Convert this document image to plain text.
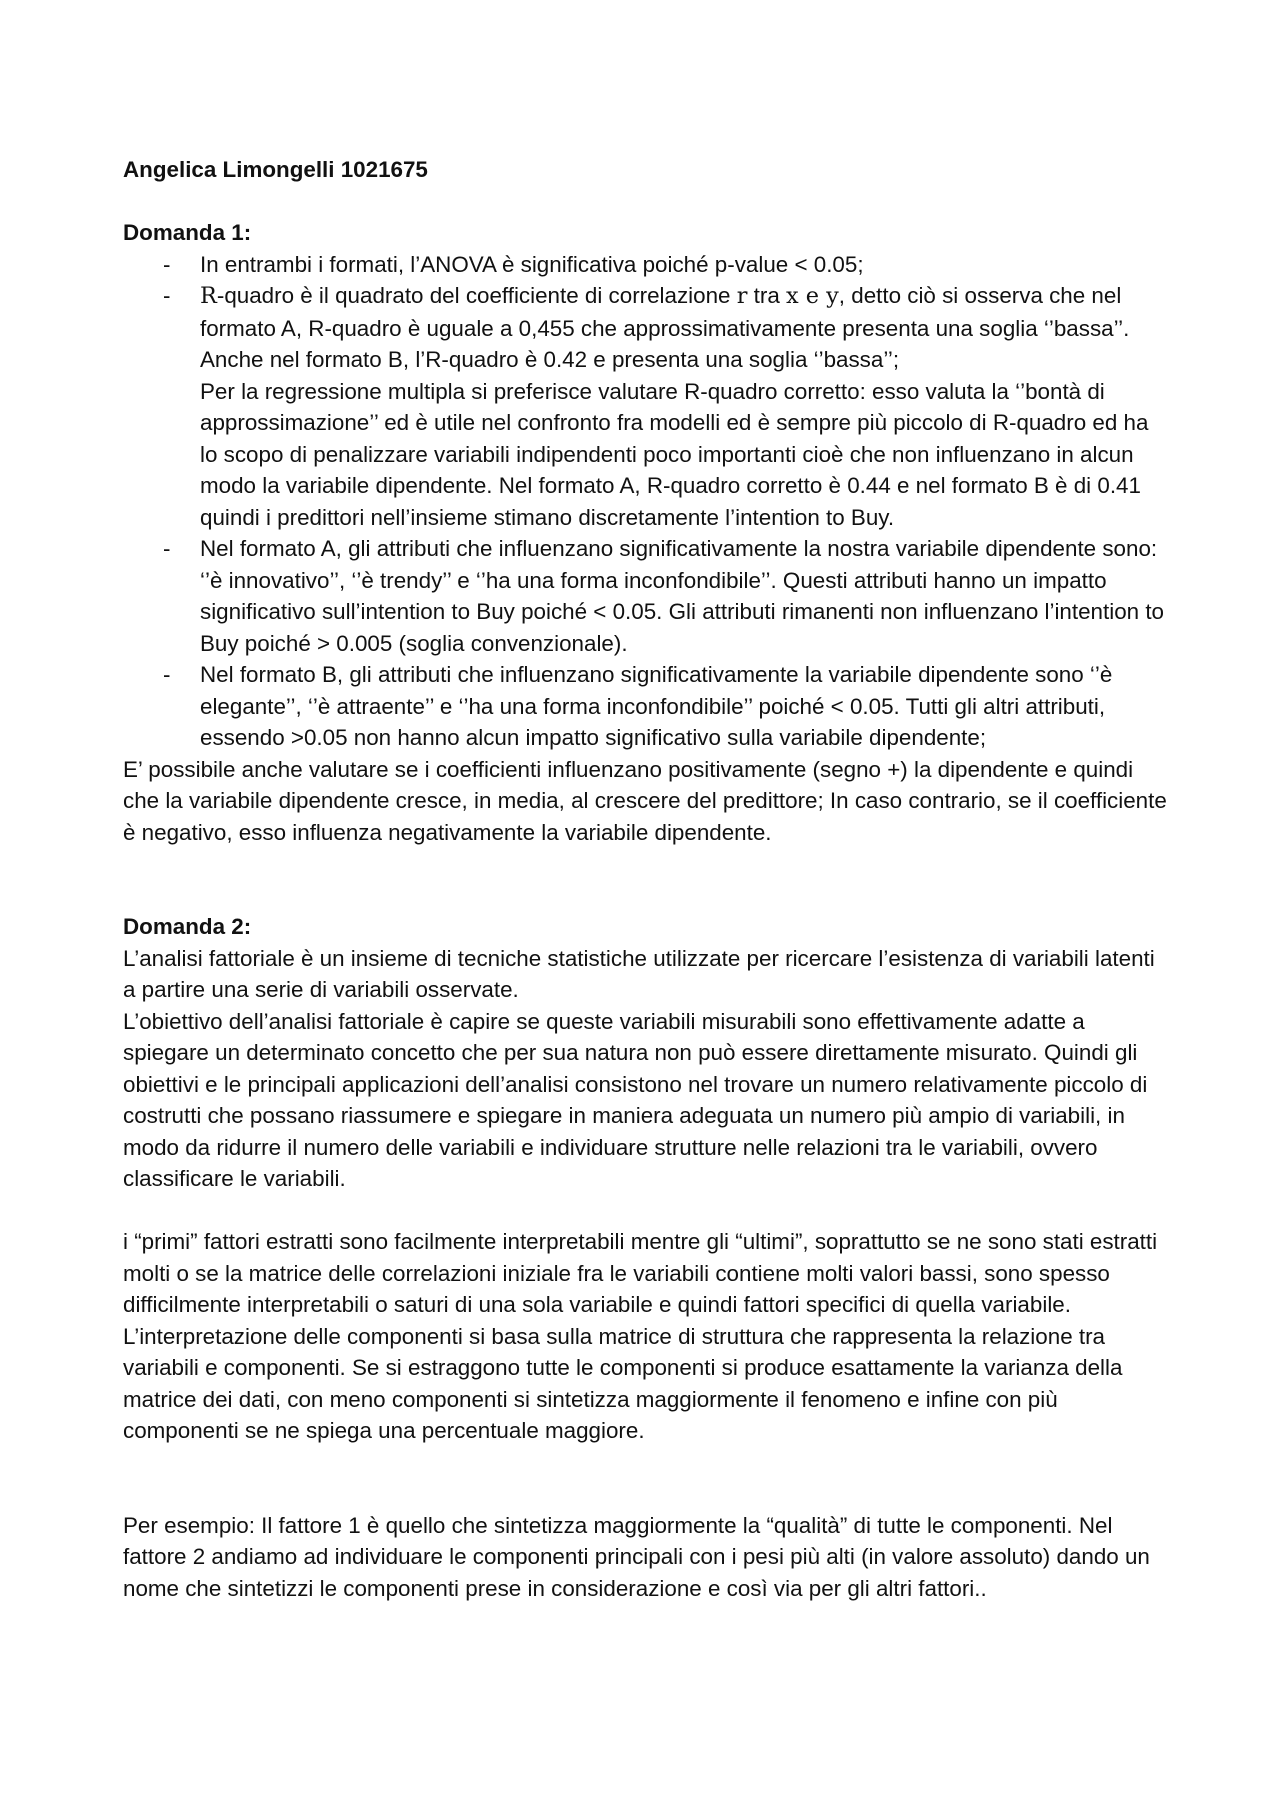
Angelica Limongelli 1021675

Domanda 1:

- In entrambi i formati, l’ANOVA è significativa poiché p-value < 0.05;
- R-quadro è il quadrato del coefficiente di correlazione r tra x e y, detto ciò si osserva che nel formato A, R-quadro è uguale a 0,455 che approssimativamente presenta una soglia ‘’bassa’’. Anche nel formato B, l’R-quadro è 0.42 e presenta una soglia ‘’bassa’’;
Per la regressione multipla si preferisce valutare R-quadro corretto: esso valuta la ‘’bontà di approssimazione’’ ed è utile nel confronto fra modelli ed è sempre più piccolo di R-quadro ed ha lo scopo di penalizzare variabili indipendenti poco importanti cioè che non influenzano in alcun modo la variabile dipendente. Nel formato A, R-quadro corretto è 0.44 e nel formato B è di 0.41 quindi i predittori nell’insieme stimano discretamente l’intention to Buy.
- Nel formato A, gli attributi che influenzano significativamente la nostra variabile dipendente sono: ‘’è innovativo’’, ‘’è trendy’’ e ‘’ha una forma inconfondibile’’. Questi attributi hanno un impatto significativo sull’intention to Buy poiché < 0.05. Gli attributi rimanenti non influenzano l’intention to Buy poiché > 0.005 (soglia convenzionale).
- Nel formato B, gli attributi che influenzano significativamente la variabile dipendente sono ‘’è elegante’’, ‘’è attraente’’ e ‘’ha una forma inconfondibile’’ poiché < 0.05. Tutti gli altri attributi, essendo >0.05 non hanno alcun impatto significativo sulla variabile dipendente;

E’ possibile anche valutare se i coefficienti influenzano positivamente (segno +) la dipendente e quindi che la variabile dipendente cresce, in media, al crescere del predittore; In caso contrario, se il coefficiente è negativo, esso influenza negativamente la variabile dipendente.

Domanda 2:

L’analisi fattoriale è un insieme di tecniche statistiche utilizzate per ricercare l’esistenza di variabili latenti a partire una serie di variabili osservate.

L’obiettivo dell’analisi fattoriale è capire se queste variabili misurabili sono effettivamente adatte a spiegare un determinato concetto che per sua natura non può essere direttamente misurato. Quindi gli obiettivi e le principali applicazioni dell’analisi consistono nel trovare un numero relativamente piccolo di costrutti che possano riassumere e spiegare in maniera adeguata un numero più ampio di variabili, in modo da ridurre il numero delle variabili e individuare strutture nelle relazioni tra le variabili, ovvero classificare le variabili.

i “primi” fattori estratti sono facilmente interpretabili mentre gli “ultimi”, soprattutto se ne sono stati estratti molti o se la matrice delle correlazioni iniziale fra le variabili contiene molti valori bassi, sono spesso difficilmente interpretabili o saturi di una sola variabile e quindi fattori specifici di quella variabile.

L’interpretazione delle componenti si basa sulla matrice di struttura che rappresenta la relazione tra variabili e componenti. Se si estraggono tutte le componenti si produce esattamente la varianza della matrice dei dati, con meno componenti si sintetizza maggiormente il fenomeno e infine con più componenti se ne spiega una percentuale maggiore.

Per esempio: Il fattore 1 è quello che sintetizza maggiormente la “qualità” di tutte le componenti. Nel fattore 2 andiamo ad individuare le componenti principali con i pesi più alti (in valore assoluto) dando un nome che sintetizzi le componenti prese in considerazione e così via per gli altri fattori..
